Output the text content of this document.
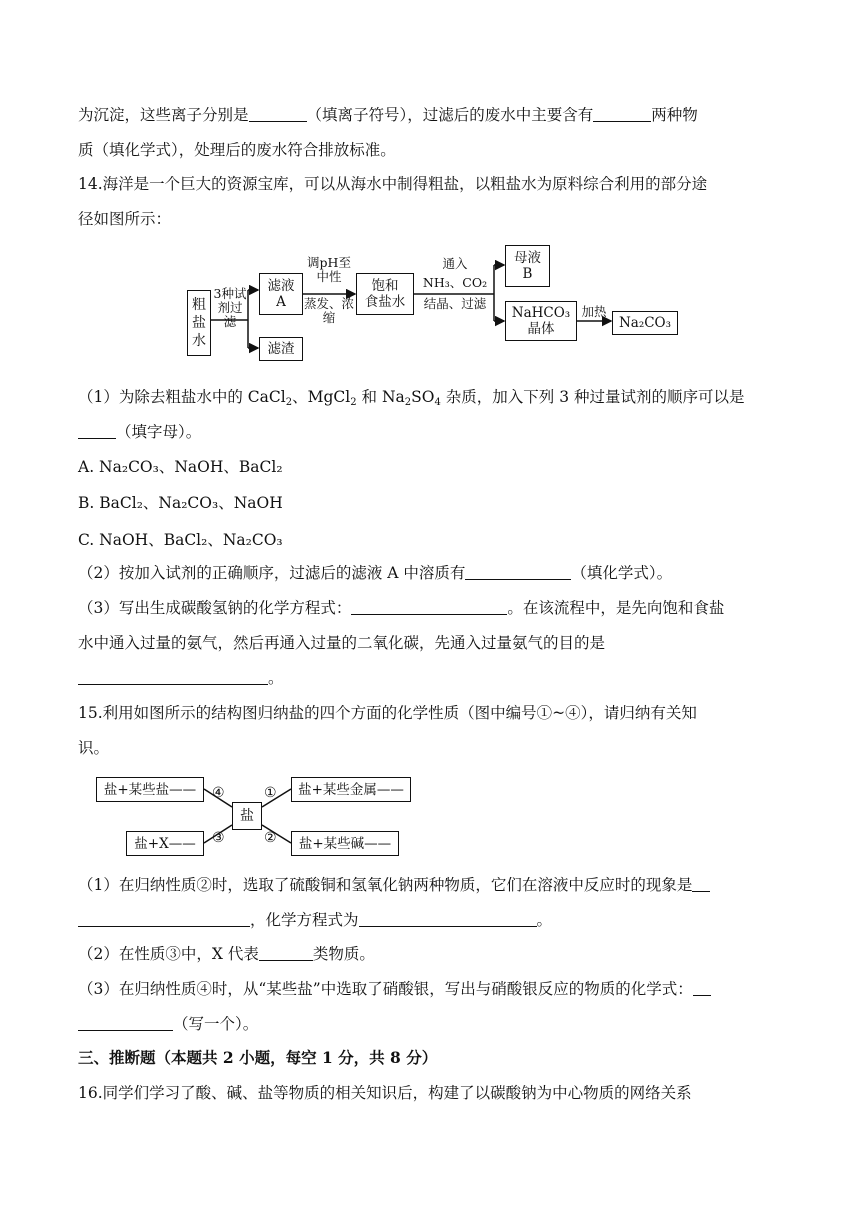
为沉淀，这些离子分别是	（填离子符号），过滤后的废水中主要含有	两种物
质（填化学式），处理后的废水符合排放标准。
14.海洋是一个巨大的资源宝库，可以从海水中制得粗盐，以粗盐水为原料综合利用的部分途
径如图所示：
粗盐水
3种试剂过滤
滤液
A
滤渣
调pH至中性
蒸发、浓缩
饱和
食盐水
通入
NH₃、CO₂
结晶、过滤
母液
B
NaHCO₃
晶体
加热
Na₂CO₃
（1）为除去粗盐水中的 CaCl$_2$、MgCl$_2$ 和 $Na_2SO_4$ 杂质，加入下列 3 种过量试剂的顺序可以是
（填字母）。
A. Na₂CO₃、NaOH、BaCl₂
B. BaCl₂、Na₂CO₃、NaOH
C. NaOH、BaCl₂、Na₂CO₃
（2）按加入试剂的正确顺序，过滤后的滤液 A 中溶质有	（填化学式）。
（3）写出生成碳酸氢钠的化学方程式：	。在该流程中，是先向饱和食盐
水中通入过量的氨气，然后再通入过量的二氧化碳，先通入过量氨气的目的是
。
15.利用如图所示的结构图归纳盐的四个方面的化学性质（图中编号①~④），请归纳有关知
识。
盐+某些盐——
盐+X——
盐
盐+某些金属——
盐+某些碱——
④
③
①
②
（1）在归纳性质②时，选取了硫酸铜和氢氧化钠两种物质，它们在溶液中反应时的现象是
，化学方程式为	。
（2）在性质③中，X 代表	类物质。
（3）在归纳性质④时，从“某些盐”中选取了硝酸银，写出与硝酸银反应的物质的化学式：
（写一个）。
三、推断题（本题共 2 小题，每空 1 分，共 8 分）
16.同学们学习了酸、碱、盐等物质的相关知识后，构建了以碳酸钠为中心物质的网络关系
